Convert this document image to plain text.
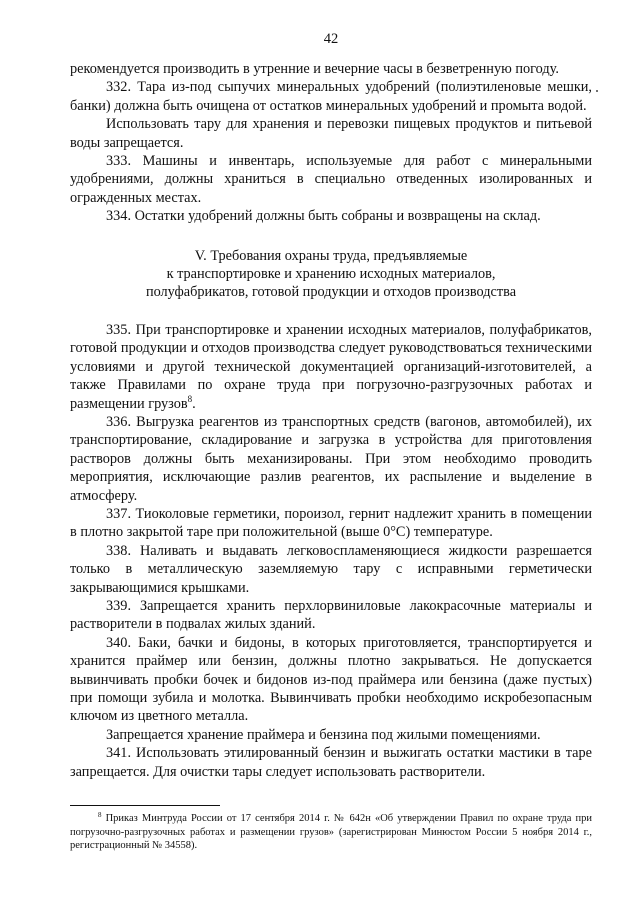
42

рекомендуется производить в утренние и вечерние часы в безветренную погоду.

332. Тара из-под сыпучих минеральных удобрений (полиэтиленовые мешки, банки) должна быть очищена от остатков минеральных удобрений и промыта водой.

Использовать тару для хранения и перевозки пищевых продуктов и питьевой воды запрещается.

333. Машины и инвентарь, используемые для работ с минеральными удобрениями, должны храниться в специально отведенных изолированных и огражденных местах.

334. Остатки удобрений должны быть собраны и возвращены на склад.

V. Требования охраны труда, предъявляемые
к транспортировке и хранению исходных материалов,
полуфабрикатов, готовой продукции и отходов производства

335. При транспортировке и хранении исходных материалов, полуфабрикатов, готовой продукции и отходов производства следует руководствоваться техническими условиями и другой технической документацией организаций-изготовителей, а также Правилами по охране труда при погрузочно-разгрузочных работах и размещении грузов$^8$.

336. Выгрузка реагентов из транспортных средств (вагонов, автомобилей), их транспортирование, складирование и загрузка в устройства для приготовления растворов должны быть механизированы. При этом необходимо проводить мероприятия, исключающие разлив реагентов, их распыление и выделение в атмосферу.

337. Тиоколовые герметики, пороизол, гернит надлежит хранить в помещении в плотно закрытой таре при положительной (выше 0°С) температуре.

338. Наливать и выдавать легковоспламеняющиеся жидкости разрешается только в металлическую заземляемую тару с исправными герметически закрывающимися крышками.

339. Запрещается хранить перхлорвиниловые лакокрасочные материалы и растворители в подвалах жилых зданий.

340. Баки, бачки и бидоны, в которых приготовляется, транспортируется и хранится праймер или бензин, должны плотно закрываться. Не допускается вывинчивать пробки бочек и бидонов из-под праймера или бензина (даже пустых) при помощи зубила и молотка. Вывинчивать пробки необходимо искробезопасным ключом из цветного металла.

Запрещается хранение праймера и бензина под жилыми помещениями.

341. Использовать этилированный бензин и выжигать остатки мастики в таре запрещается. Для очистки тары следует использовать растворители.

$^8$ Приказ Минтруда России от 17 сентября 2014 г. № 642н «Об утверждении Правил по охране труда при погрузочно-разгрузочных работах и размещении грузов» (зарегистрирован Минюстом России 5 ноября 2014 г., регистрационный № 34558).
